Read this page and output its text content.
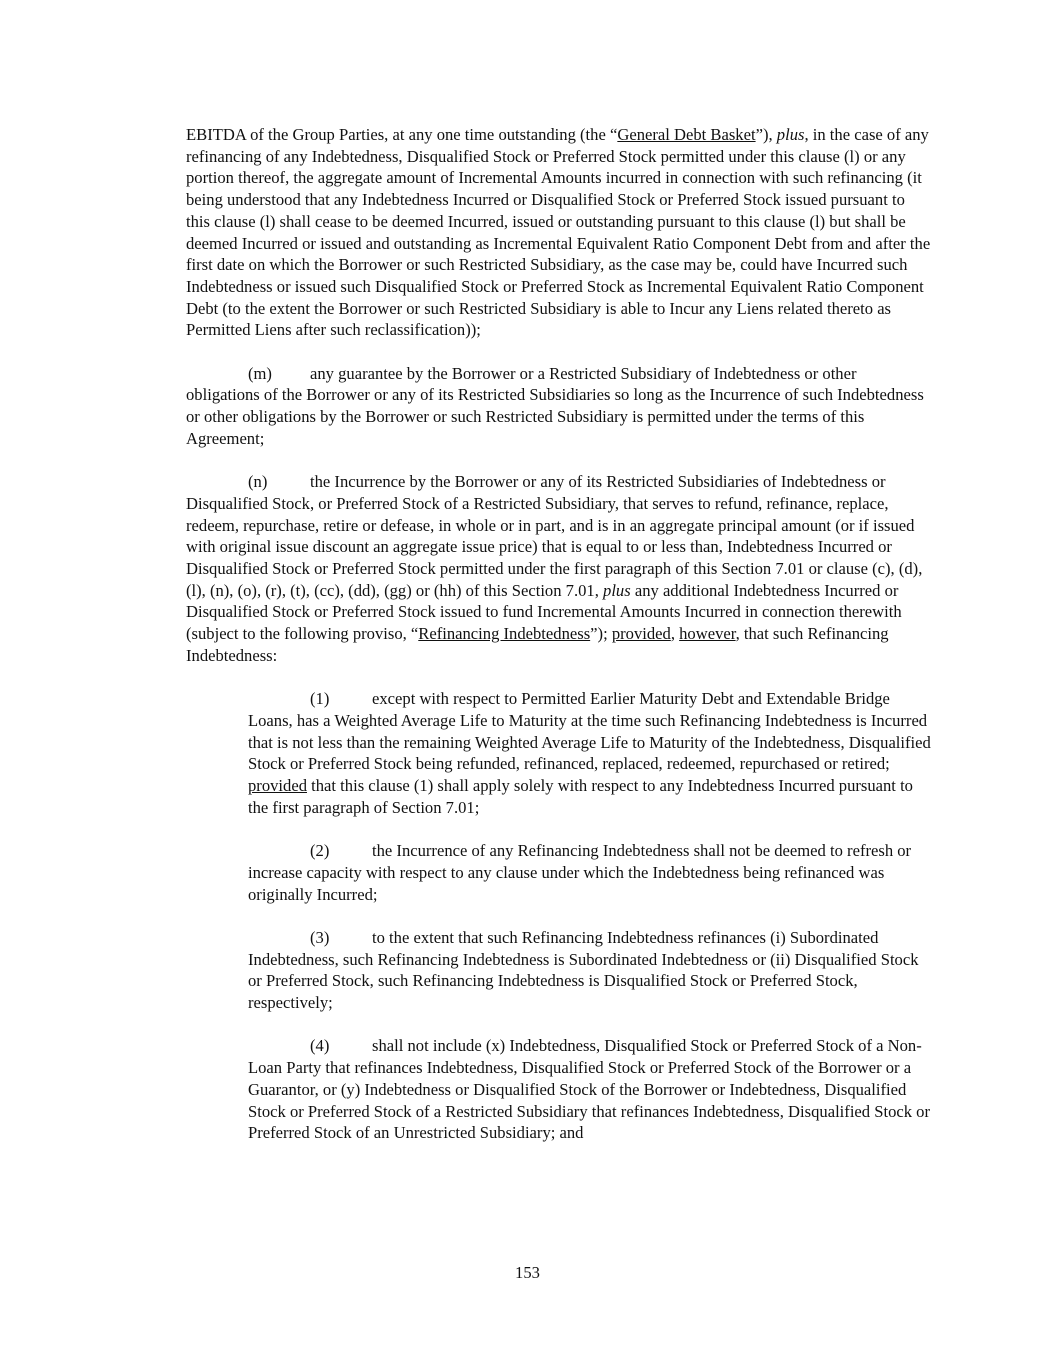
EBITDA of the Group Parties, at any one time outstanding (the “General Debt Basket”), plus, in the case of any refinancing of any Indebtedness, Disqualified Stock or Preferred Stock permitted under this clause (l) or any portion thereof, the aggregate amount of Incremental Amounts incurred in connection with such refinancing (it being understood that any Indebtedness Incurred or Disqualified Stock or Preferred Stock issued pursuant to this clause (l) shall cease to be deemed Incurred, issued or outstanding pursuant to this clause (l) but shall be deemed Incurred or issued and outstanding as Incremental Equivalent Ratio Component Debt from and after the first date on which the Borrower or such Restricted Subsidiary, as the case may be, could have Incurred such Indebtedness or issued such Disqualified Stock or Preferred Stock as Incremental Equivalent Ratio Component Debt (to the extent the Borrower or such Restricted Subsidiary is able to Incur any Liens related thereto as Permitted Liens after such reclassification));

(m) any guarantee by the Borrower or a Restricted Subsidiary of Indebtedness or other obligations of the Borrower or any of its Restricted Subsidiaries so long as the Incurrence of such Indebtedness or other obligations by the Borrower or such Restricted Subsidiary is permitted under the terms of this Agreement;

(n)	the Incurrence by the Borrower or any of its Restricted Subsidiaries of Indebtedness or Disqualified Stock, or Preferred Stock of a Restricted Subsidiary, that serves to refund, refinance, replace, redeem, repurchase, retire or defease, in whole or in part, and is in an aggregate principal amount (or if issued with original issue discount an aggregate issue price) that is equal to or less than, Indebtedness Incurred or Disqualified Stock or Preferred Stock permitted under the first paragraph of this Section 7.01 or clause (c), (d), (l), (n), (o), (r), (t), (cc), (dd), (gg) or (hh) of this Section 7.01, plus any additional Indebtedness Incurred or Disqualified Stock or Preferred Stock issued to fund Incremental Amounts Incurred in connection therewith (subject to the following proviso, “Refinancing Indebtedness”); provided, however, that such Refinancing Indebtedness:

(1)	except with respect to Permitted Earlier Maturity Debt and Extendable Bridge Loans, has a Weighted Average Life to Maturity at the time such Refinancing Indebtedness is Incurred that is not less than the remaining Weighted Average Life to Maturity of the Indebtedness, Disqualified Stock or Preferred Stock being refunded, refinanced, replaced, redeemed, repurchased or retired; provided that this clause (1) shall apply solely with respect to any Indebtedness Incurred pursuant to the first paragraph of Section 7.01;

(2)	the Incurrence of any Refinancing Indebtedness shall not be deemed to refresh or increase capacity with respect to any clause under which the Indebtedness being refinanced was originally Incurred;

(3)	to the extent that such Refinancing Indebtedness refinances (i) Subordinated Indebtedness, such Refinancing Indebtedness is Subordinated Indebtedness or (ii) Disqualified Stock or Preferred Stock, such Refinancing Indebtedness is Disqualified Stock or Preferred Stock, respectively;

(4)	shall not include (x) Indebtedness, Disqualified Stock or Preferred Stock of a Non-Loan Party that refinances Indebtedness, Disqualified Stock or Preferred Stock of the Borrower or a Guarantor, or (y) Indebtedness or Disqualified Stock of the Borrower or Indebtedness, Disqualified Stock or Preferred Stock of a Restricted Subsidiary that refinances Indebtedness, Disqualified Stock or Preferred Stock of an Unrestricted Subsidiary; and

153
